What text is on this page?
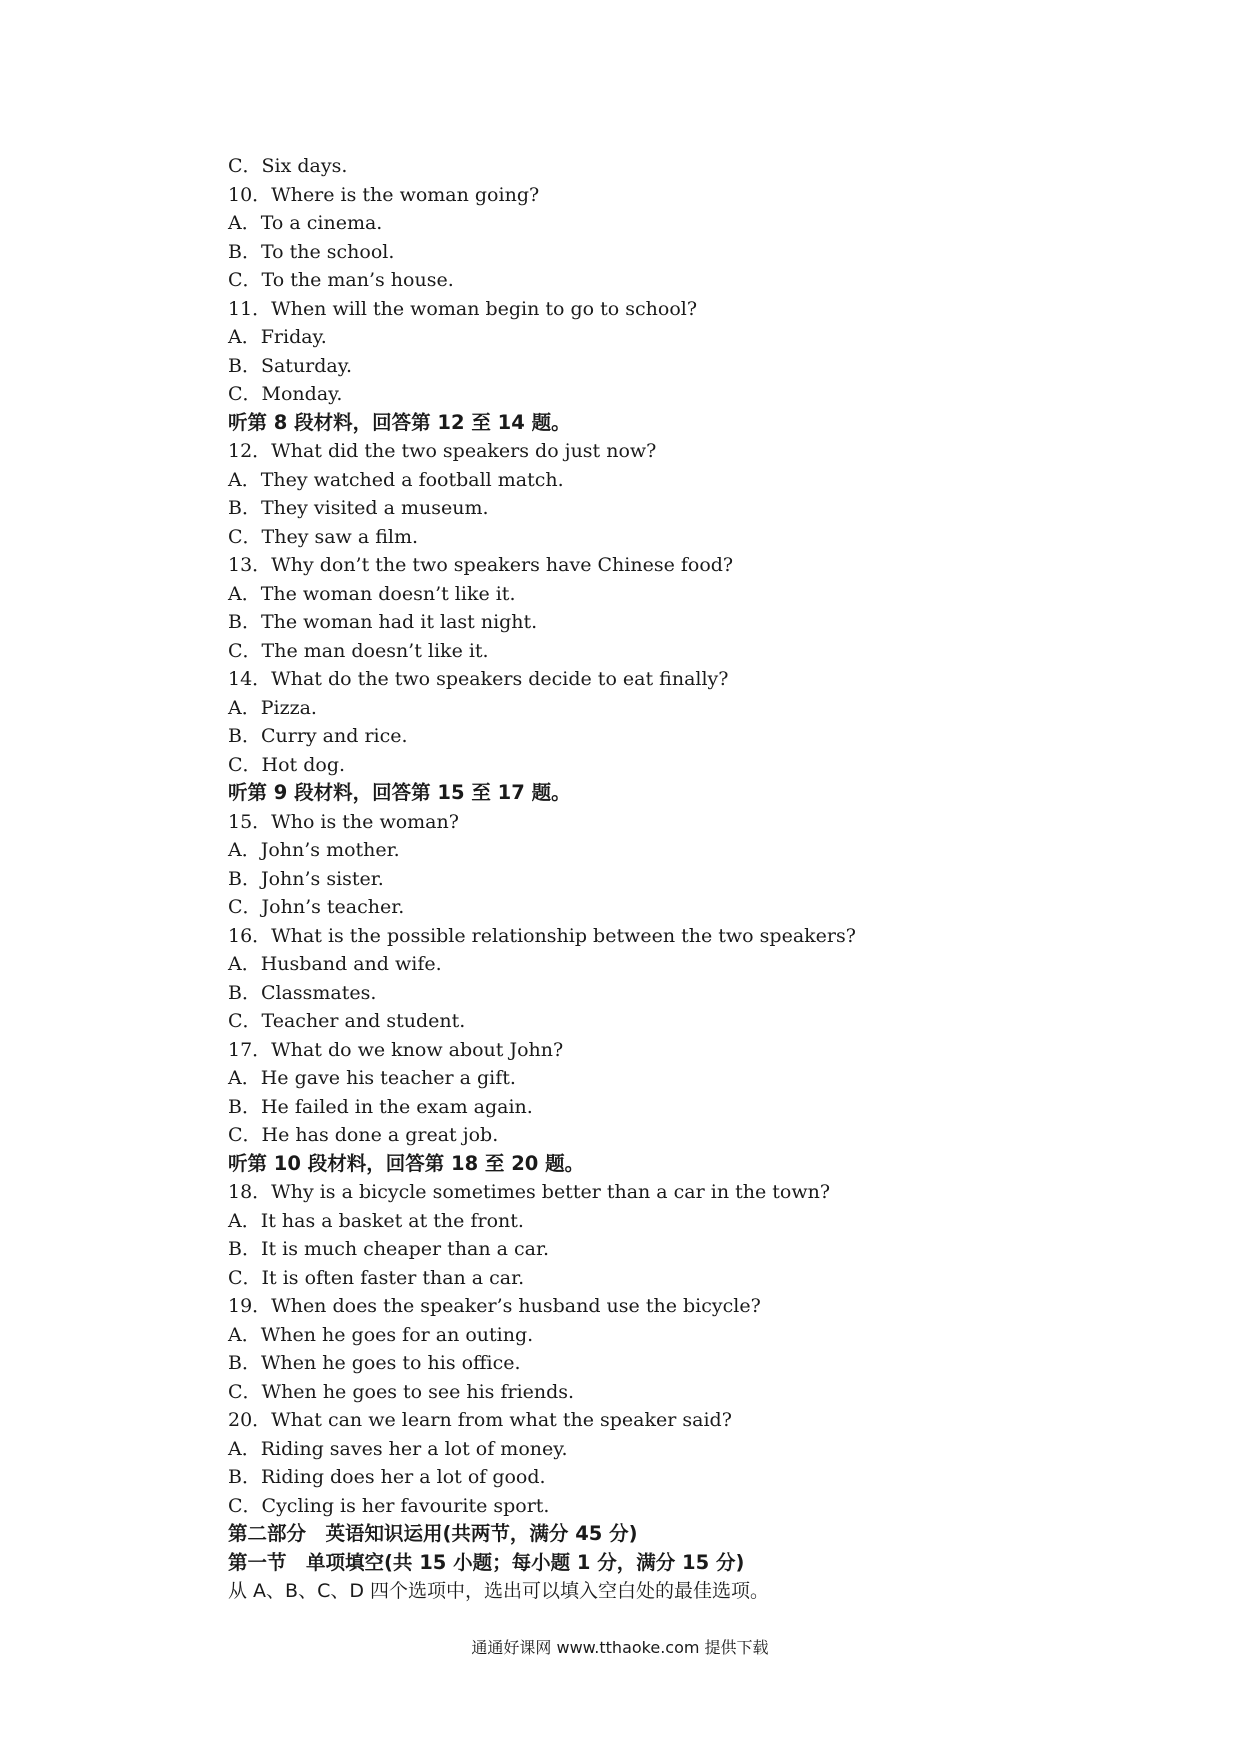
C．Six days.
10．Where is the woman going?
A．To a cinema.
B．To the school.
C．To the man’s house.
11．When will the woman begin to go to school?
A．Friday.
B．Saturday.
C．Monday.
听第 8 段材料，回答第 12 至 14 题。
12．What did the two speakers do just now?
A．They watched a football match.
B．They visited a museum.
C．They saw a film.
13．Why don’t the two speakers have Chinese food?
A．The woman doesn’t like it.
B．The woman had it last night.
C．The man doesn’t like it.
14．What do the two speakers decide to eat finally?
A．Pizza.
B．Curry and rice.
C．Hot dog.
听第 9 段材料，回答第 15 至 17 题。
15．Who is the woman?
A．John’s mother.
B．John’s sister.
C．John’s teacher.
16．What is the possible relationship between the two speakers?
A．Husband and wife.
B．Classmates.
C．Teacher and student.
17．What do we know about John?
A．He gave his teacher a gift.
B．He failed in the exam again.
C．He has done a great job.
听第 10 段材料，回答第 18 至 20 题。
18．Why is a bicycle sometimes better than a car in the town?
A．It has a basket at the front.
B．It is much cheaper than a car.
C．It is often faster than a car.
19．When does the speaker’s husband use the bicycle?
A．When he goes for an outing.
B．When he goes to his office.
C．When he goes to see his friends.
20．What can we learn from what the speaker said?
A．Riding saves her a lot of money.
B．Riding does her a lot of good.
C．Cycling is her favourite sport.
第二部分　英语知识运用(共两节，满分 45 分)
第一节　单项填空(共 15 小题；每小题 1 分，满分 15 分)
从 A、B、C、D 四个选项中，选出可以填入空白处的最佳选项。
通通好课网 www.tthaoke.com 提供下载
